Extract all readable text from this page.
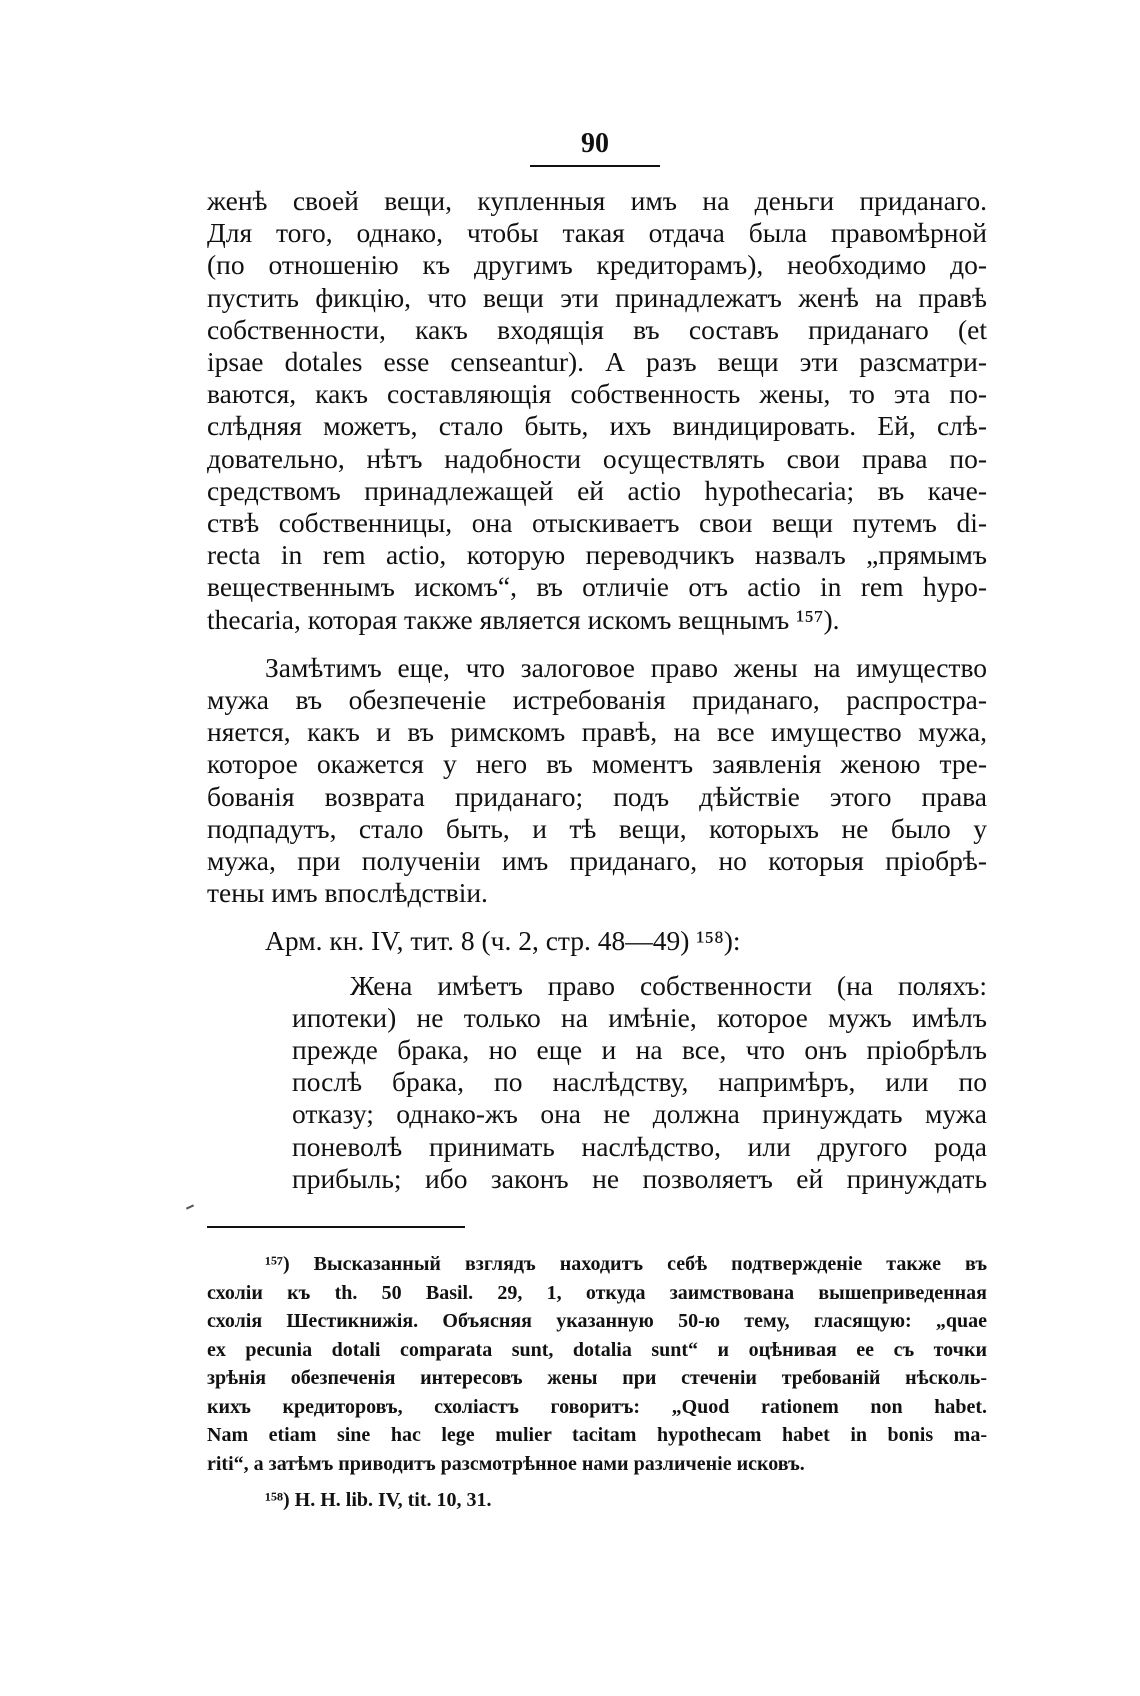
90
женѣ своей вещи, купленныя имъ на деньги приданаго.
Для того, однако, чтобы такая отдача была правомѣрной
(по отношенію къ другимъ кредиторамъ), необходимо до-
пустить фикцію, что вещи эти принадлежатъ женѣ на правѣ
собственности, какъ входящія въ составъ приданаго (et
ipsae dotales esse censeantur). А разъ вещи эти разсматри-
ваются, какъ составляющія собственность жены, то эта по-
слѣдняя можетъ, стало быть, ихъ виндицировать. Ей, слѣ-
довательно, нѣтъ надобности осуществлять свои права по-
средствомъ принадлежащей ей actio hypothecaria; въ каче-
ствѣ собственницы, она отыскиваетъ свои вещи путемъ di-
recta in rem actio, которую переводчикъ назвалъ „прямымъ
вещественнымъ искомъ“, въ отличіе отъ actio in rem hypo-
thecaria, которая также является искомъ вещнымъ ¹⁵⁷).
Замѣтимъ еще, что залоговое право жены на имущество
мужа въ обезпеченіе истребованія приданаго, распростра-
няется, какъ и въ римскомъ правѣ, на все имущество мужа,
которое окажется у него въ моментъ заявленія женою тре-
бованія возврата приданаго; подъ дѣйствіе этого права
подпадутъ, стало быть, и тѣ вещи, которыхъ не было у
мужа, при полученіи имъ приданаго, но которыя пріобрѣ-
тены имъ впослѣдствіи.

Арм. кн. IV, тит. 8 (ч. 2, стр. 48—49) ¹⁵⁸):

Жена имѣетъ право собственности (на поляхъ:
ипотеки) не только на имѣніе, которое мужъ имѣлъ
прежде брака, но еще и на все, что онъ пріобрѣлъ
послѣ брака, по наслѣдству, напримѣръ, или по
отказу; однако-жъ она не должна принуждать мужа
поневолѣ принимать наслѣдство, или другого рода
прибыль; ибо законъ не позволяетъ ей принуждать
¹⁵⁷) Высказанный взглядъ находитъ себѣ подтвержденіе также въ
схоліи къ th. 50 Basil. 29, 1, откуда заимствована вышеприведенная
схолія Шестикнижія. Объясняя указанную 50-ю тему, гласящую: „quae
ex pecunia dotali comparata sunt, dotalia sunt“ и оцѣнивая ее съ точки
зрѣнія обезпеченія интересовъ жены при стеченіи требованій нѣсколь-
кихъ кредиторовъ, схоліастъ говоритъ: „Quod rationem non habet.
Nam etiam sine hac lege mulier tacitam hypothecam habet in bonis ma-
riti“, а затѣмъ приводитъ разсмотрѣнное нами различеніе исковъ.
¹⁵⁸) H. H. lib. IV, tit. 10, 31.
